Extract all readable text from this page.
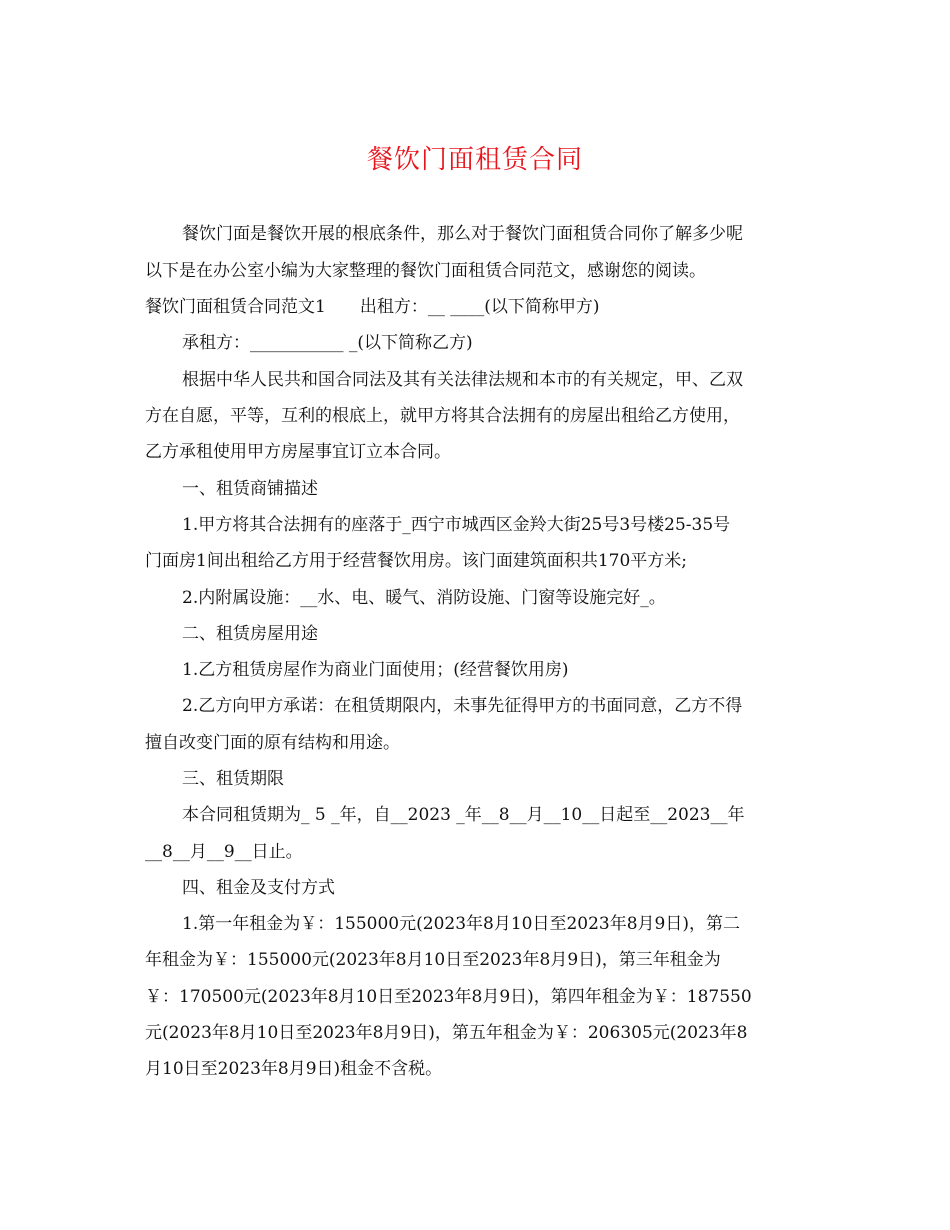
餐饮门面租赁合同
餐饮门面是餐饮开展的根底条件，那么对于餐饮门面租赁合同你了解多少呢
以下是在办公室小编为大家整理的餐饮门面租赁合同范文，感谢您的阅读。
餐饮门面租赁合同范文1　　出租方：__ ____(以下简称甲方)
承租方：___________ _(以下简称乙方)
根据中华人民共和国合同法及其有关法律法规和本市的有关规定，甲、乙双
方在自愿，平等，互利的根底上，就甲方将其合法拥有的房屋出租给乙方使用，
乙方承租使用甲方房屋事宜订立本合同。
一、租赁商铺描述
1.甲方将其合法拥有的座落于_西宁市城西区金羚大街25号3号楼25-35号
门面房1间出租给乙方用于经营餐饮用房。该门面建筑面积共170平方米;
2.内附属设施：__水、电、暖气、消防设施、门窗等设施完好_。
二、租赁房屋用途
1.乙方租赁房屋作为商业门面使用；(经营餐饮用房)
2.乙方向甲方承诺：在租赁期限内，未事先征得甲方的书面同意，乙方不得
擅自改变门面的原有结构和用途。
三、租赁期限
本合同租赁期为_ 5 _年，自__2023 _年__8__月__10__日起至__2023__年
__8__月__9__日止。
四、租金及支付方式
1.第一年租金为￥：155000元(2023年8月10日至2023年8月9日)，第二
年租金为￥：155000元(2023年8月10日至2023年8月9日)，第三年租金为
￥：170500元(2023年8月10日至2023年8月9日)，第四年租金为￥：187550
元(2023年8月10日至2023年8月9日)，第五年租金为￥：206305元(2023年8
月10日至2023年8月9日)租金不含税。
